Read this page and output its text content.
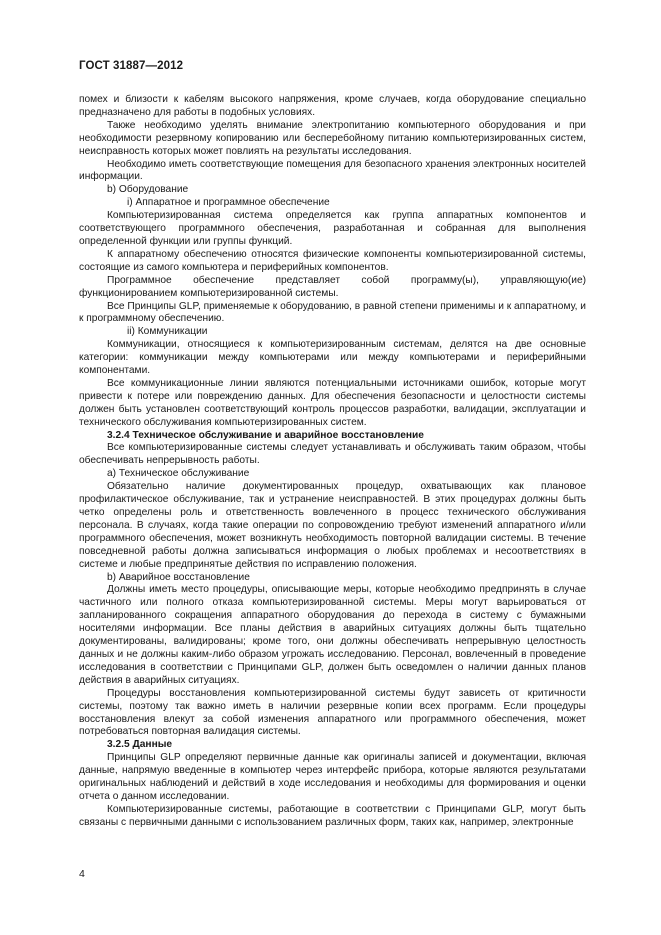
ГОСТ 31887—2012

помех и близости к кабелям высокого напряжения, кроме случаев, когда оборудование специально предназначено для работы в подобных условиях.

Также необходимо уделять внимание электропитанию компьютерного оборудования и при необходимости резервному копированию или бесперебойному питанию компьютеризированных систем, неисправность которых может повлиять на результаты исследования.

Необходимо иметь соответствующие помещения для безопасного хранения электронных носителей информации.

b) Оборудование

i) Аппаратное и программное обеспечение

Компьютеризированная система определяется как группа аппаратных компонентов и соответствующего программного обеспечения, разработанная и собранная для выполнения определенной функции или группы функций.

К аппаратному обеспечению относятся физические компоненты компьютеризированной системы, состоящие из самого компьютера и периферийных компонентов.

Программное обеспечение представляет собой программу(ы), управляющую(ие) функционированием компьютеризированной системы.

Все Принципы GLP, применяемые к оборудованию, в равной степени применимы и к аппаратному, и к программному обеспечению.

ii) Коммуникации

Коммуникации, относящиеся к компьютеризированным системам, делятся на две основные категории: коммуникации между компьютерами или между компьютерами и периферийными компонентами.

Все коммуникационные линии являются потенциальными источниками ошибок, которые могут привести к потере или повреждению данных. Для обеспечения безопасности и целостности системы должен быть установлен соответствующий контроль процессов разработки, валидации, эксплуатации и технического обслуживания компьютеризированных систем.

3.2.4 Техническое обслуживание и аварийное восстановление

Все компьютеризированные системы следует устанавливать и обслуживать таким образом, чтобы обеспечивать непрерывность работы.

a) Техническое обслуживание

Обязательно наличие документированных процедур, охватывающих как плановое профилактическое обслуживание, так и устранение неисправностей. В этих процедурах должны быть четко определены роль и ответственность вовлеченного в процесс технического обслуживания персонала. В случаях, когда такие операции по сопровождению требуют изменений аппаратного и/или программного обеспечения, может возникнуть необходимость повторной валидации системы. В течение повседневной работы должна записываться информация о любых проблемах и несоответствиях в системе и любые предпринятые действия по исправлению положения.

b) Аварийное восстановление

Должны иметь место процедуры, описывающие меры, которые необходимо предпринять в случае частичного или полного отказа компьютеризированной системы. Меры могут варьироваться от запланированного сокращения аппаратного оборудования до перехода в систему с бумажными носителями информации. Все планы действия в аварийных ситуациях должны быть тщательно документированы, валидированы; кроме того, они должны обеспечивать непрерывную целостность данных и не должны каким-либо образом угрожать исследованию. Персонал, вовлеченный в проведение исследования в соответствии с Принципами GLP, должен быть осведомлен о наличии данных планов действия в аварийных ситуациях.

Процедуры восстановления компьютеризированной системы будут зависеть от критичности системы, поэтому так важно иметь в наличии резервные копии всех программ. Если процедуры восстановления влекут за собой изменения аппаратного или программного обеспечения, может потребоваться повторная валидация системы.

3.2.5 Данные

Принципы GLP определяют первичные данные как оригиналы записей и документации, включая данные, напрямую введенные в компьютер через интерфейс прибора, которые являются результатами оригинальных наблюдений и действий в ходе исследования и необходимы для формирования и оценки отчета о данном исследовании.

Компьютеризированные системы, работающие в соответствии с Принципами GLP, могут быть связаны с первичными данными с использованием различных форм, таких как, например, электронные

4
